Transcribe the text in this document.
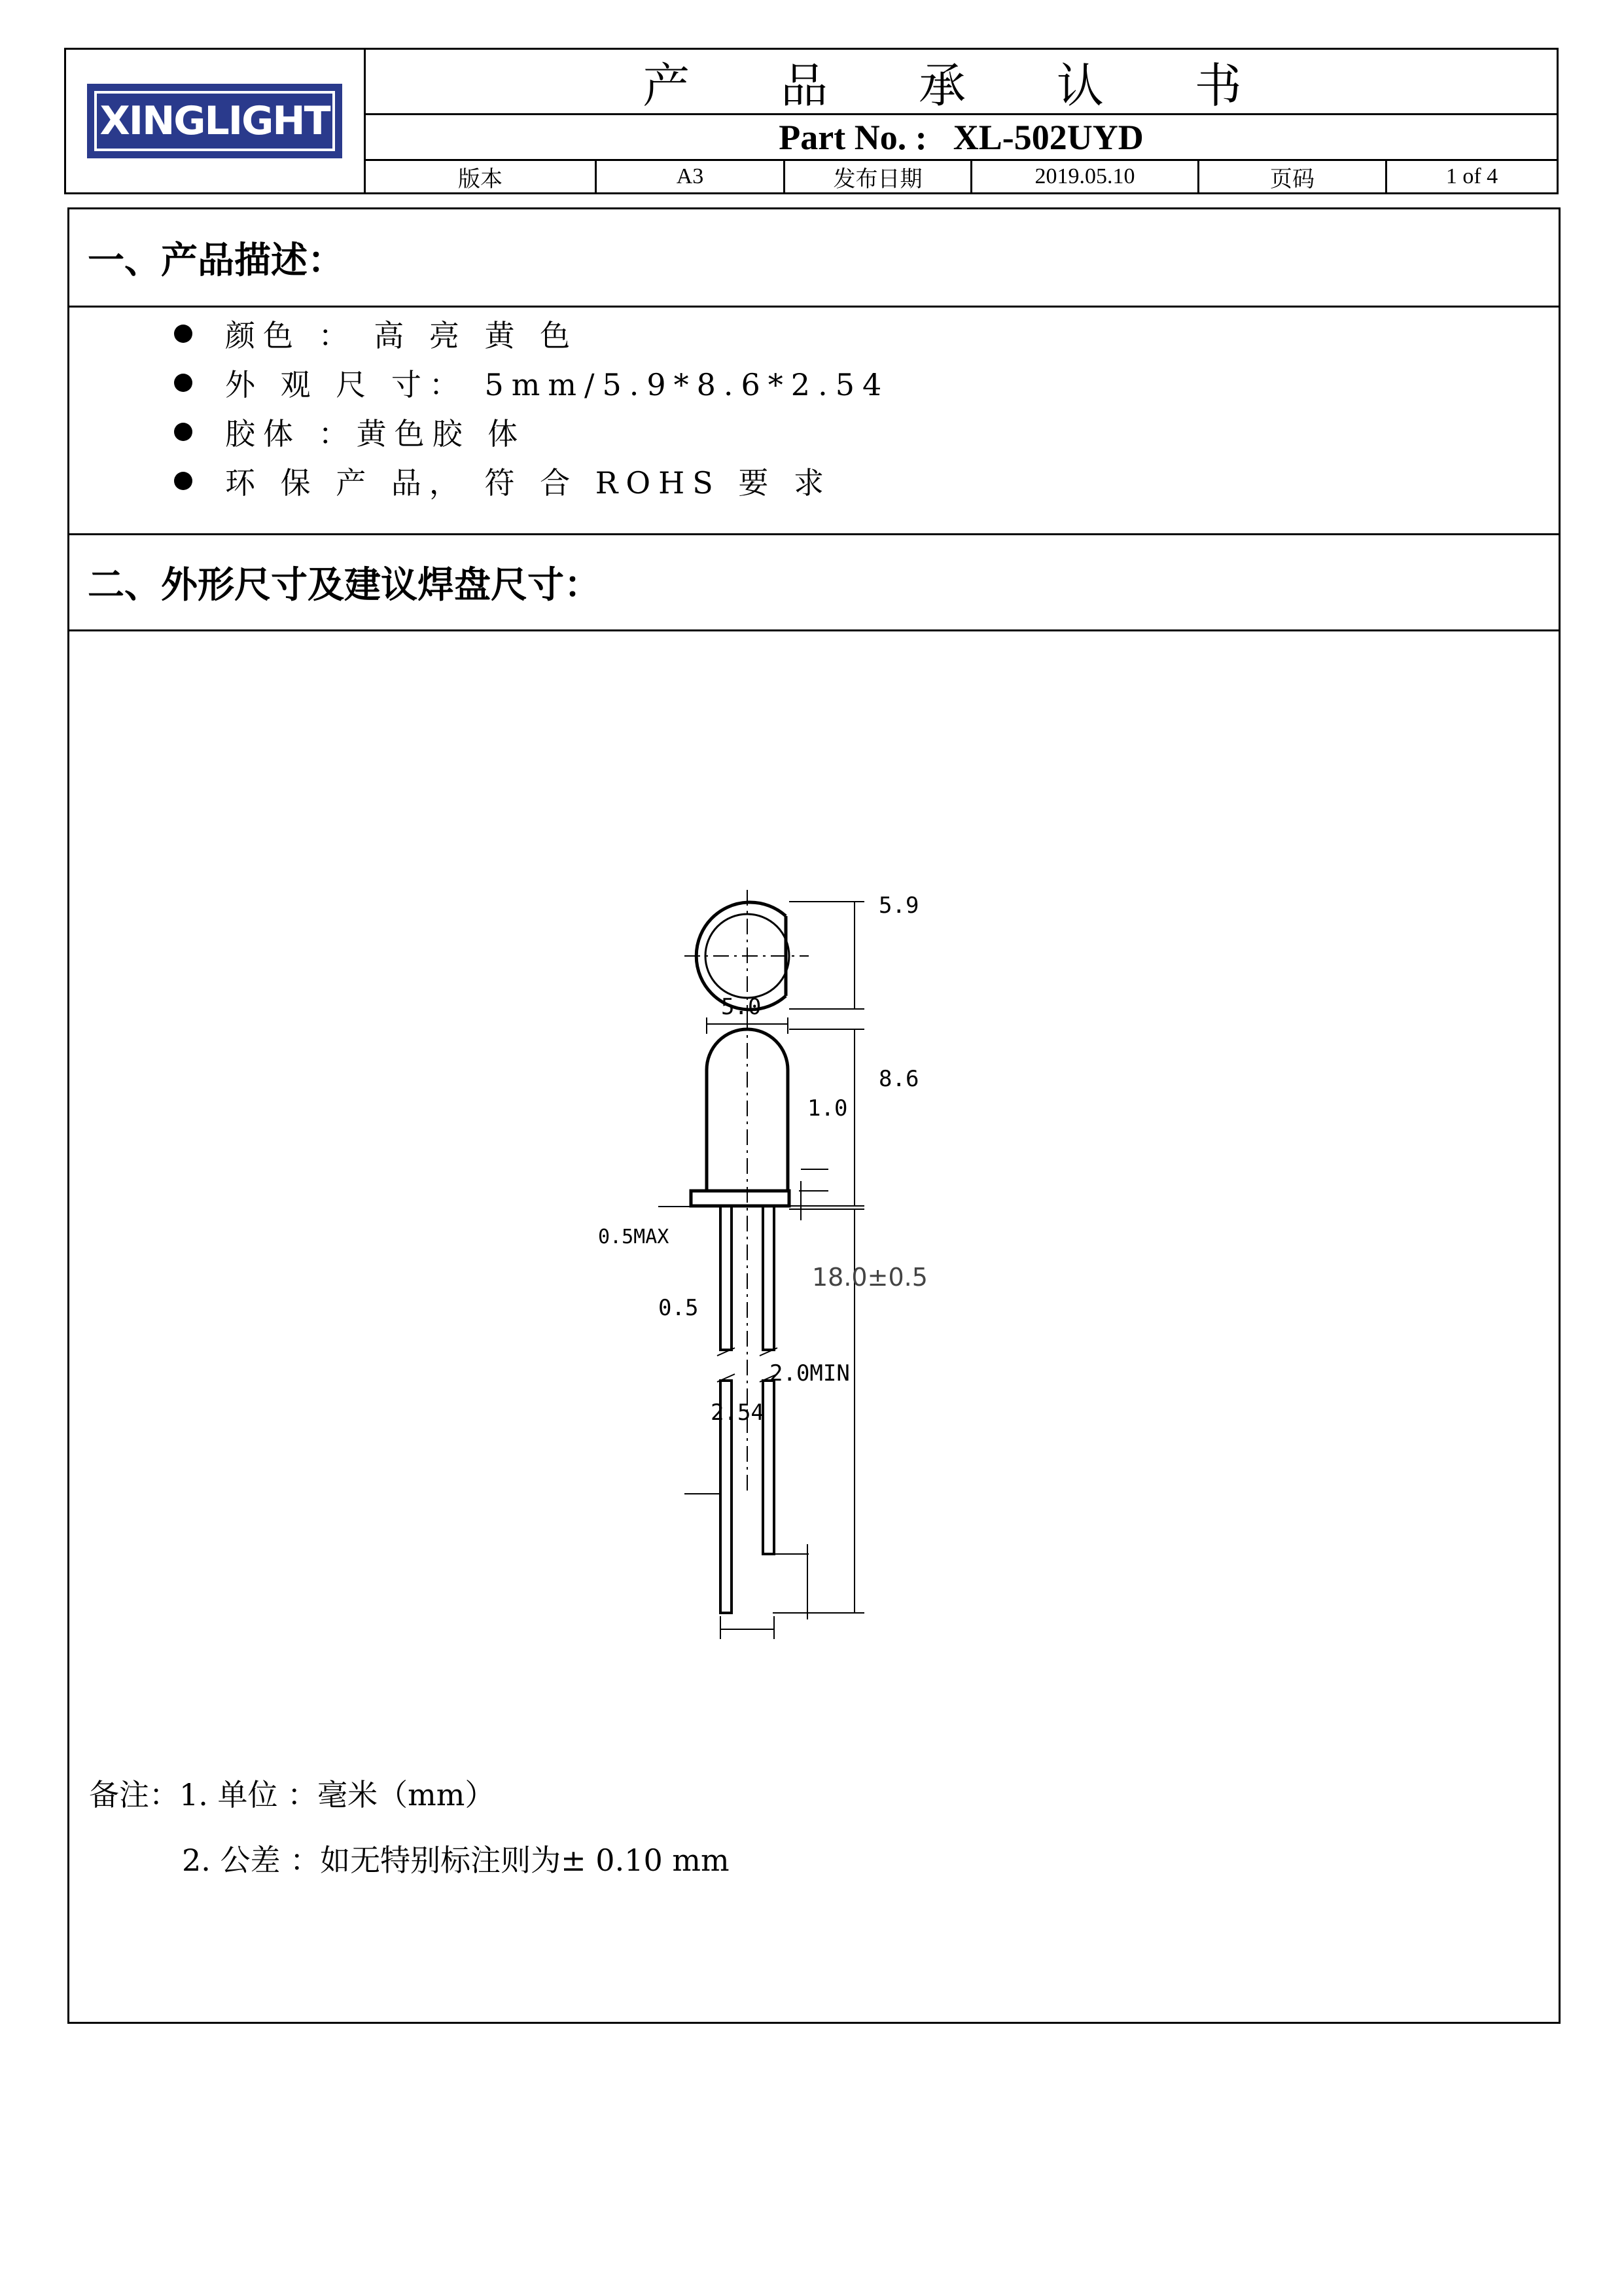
XINGLIGHT
产 品 承 认 书
Part No. : XL-502UYD
版本	A3	发布日期	2019.05.10	页码	1 of 4
一、产品描述：
颜色 ： 高 亮 黄 色
外 观 尺 寸： 5mm/5.9*8.6*2.54
胶体 ：黄色胶 体
环 保 产 品， 符 合 ROHS 要 求
二、外形尺寸及建议焊盘尺寸：
5.9
5.0
8.6
1.0
0.5MAX
18.0±0.5
0.5
2.0MIN
2.54
备注：1. 单位 ：毫米（mm）
2. 公差 ：如无特别标注则为± 0.10 mm
